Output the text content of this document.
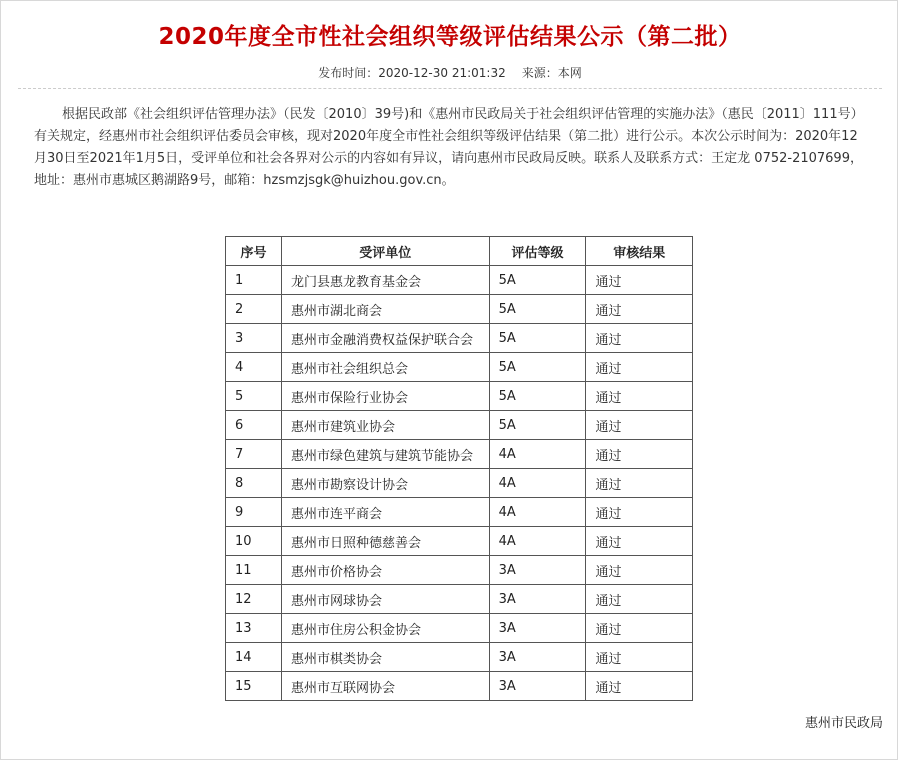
2020年度全市性社会组织等级评估结果公示（第二批）
发布时间：2020-12-30 21:01:32 来源：本网

根据民政部《社会组织评估管理办法》（民发〔2010〕39号)和《惠州市民政局关于社会组织评估管理的实施办法》（惠民〔2011〕111号）有关规定，经惠州市社会组织评估委员会审核，现对2020年度全市性社会组织等级评估结果（第二批）进行公示。本次公示时间为：2020年12月30日至2021年1月5日，受评单位和社会各界对公示的内容如有异议，请向惠州市民政局反映。联系人及联系方式：王定龙 0752-2107699，地址：惠州市惠城区鹅湖路9号，邮箱：hzsmzjsgk@huizhou.gov.cn。

序号	受评单位	评估等级	审核结果
1	龙门县惠龙教育基金会	5A	通过
2	惠州市湖北商会	5A	通过
3	惠州市金融消费权益保护联合会	5A	通过
4	惠州市社会组织总会	5A	通过
5	惠州市保险行业协会	5A	通过
6	惠州市建筑业协会	5A	通过
7	惠州市绿色建筑与建筑节能协会	4A	通过
8	惠州市勘察设计协会	4A	通过
9	惠州市连平商会	4A	通过
10	惠州市日照种德慈善会	4A	通过
11	惠州市价格协会	3A	通过
12	惠州市网球协会	3A	通过
13	惠州市住房公积金协会	3A	通过
14	惠州市棋类协会	3A	通过
15	惠州市互联网协会	3A	通过
惠州市民政局
